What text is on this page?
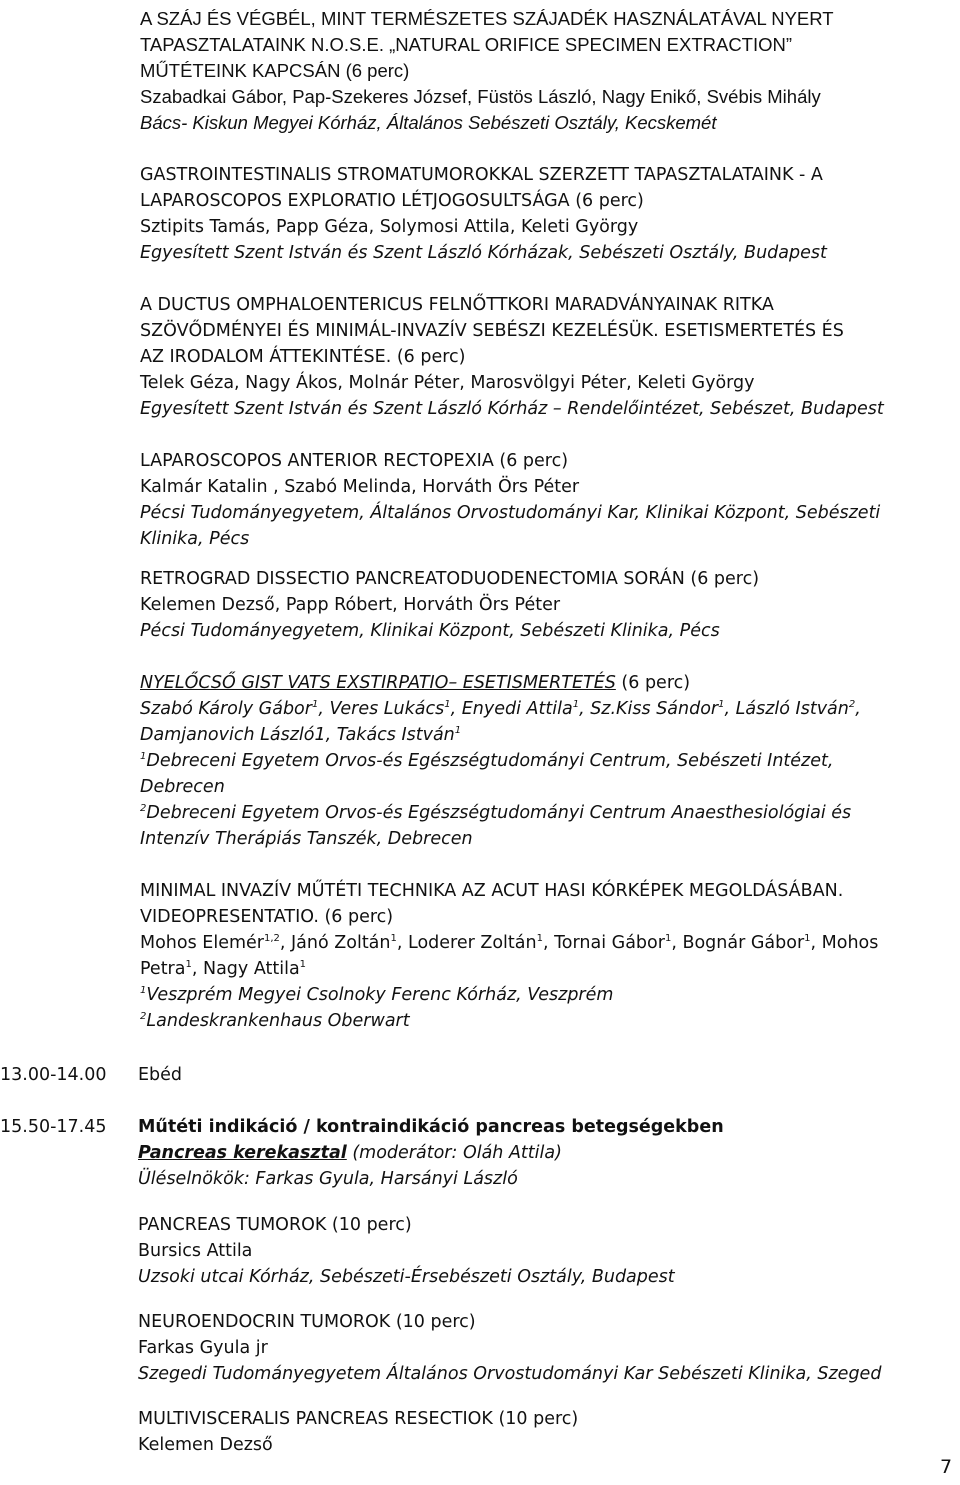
A SZÁJ ÉS VÉGBÉL, MINT TERMÉSZETES SZÁJADÉK HASZNÁLATÁVAL NYERT
TAPASZTALATAINK N.O.S.E. „NATURAL ORIFICE SPECIMEN EXTRACTION”
MŰTÉTEINK KAPCSÁN (6 perc)
Szabadkai Gábor, Pap-Szekeres József, Füstös László, Nagy Enikő, Svébis Mihály
Bács- Kiskun Megyei Kórház, Általános Sebészeti Osztály, Kecskemét
GASTROINTESTINALIS STROMATUMOROKKAL SZERZETT TAPASZTALATAINK - A
LAPAROSCOPOS EXPLORATIO LÉTJOGOSULTSÁGA (6 perc)
Sztipits Tamás, Papp Géza, Solymosi Attila, Keleti György
Egyesített Szent István és Szent László Kórházak, Sebészeti Osztály, Budapest
A DUCTUS OMPHALOENTERICUS FELNŐTTKORI MARADVÁNYAINAK RITKA
SZÖVŐDMÉNYEI ÉS MINIMÁL-INVAZÍV SEBÉSZI KEZELÉSÜK. ESETISMERTETÉS ÉS
AZ IRODALOM ÁTTEKINTÉSE. (6 perc)
Telek Géza, Nagy Ákos, Molnár Péter, Marosvölgyi Péter, Keleti György
Egyesített Szent István és Szent László Kórház – Rendelőintézet, Sebészet, Budapest
LAPAROSCOPOS ANTERIOR RECTOPEXIA (6 perc)
Kalmár Katalin , Szabó Melinda, Horváth Örs Péter
Pécsi Tudományegyetem, Általános Orvostudományi Kar, Klinikai Központ, Sebészeti
Klinika, Pécs
RETROGRAD DISSECTIO PANCREATODUODENECTOMIA SORÁN (6 perc)
Kelemen Dezső, Papp Róbert, Horváth Örs Péter
Pécsi Tudományegyetem, Klinikai Központ, Sebészeti Klinika, Pécs
NYELŐCSŐ GIST VATS EXSTIRPATIO– ESETISMERTETÉS (6 perc)
Szabó Károly Gábor$^1$, Veres Lukács$^1$, Enyedi Attila$^1$, Sz.Kiss Sándor$^1$, László István$^2$,
Damjanovich László1, Takács István$^1$
$^1$Debreceni Egyetem Orvos-és Egészségtudományi Centrum, Sebészeti Intézet,
Debrecen
$^2$Debreceni Egyetem Orvos-és Egészségtudományi Centrum Anaesthesiológiai és
Intenzív Therápiás Tanszék, Debrecen
MINIMAL INVAZÍV MŰTÉTI TECHNIKA AZ ACUT HASI KÓRKÉPEK MEGOLDÁSÁBAN.
VIDEOPRESENTATIO. (6 perc)
Mohos Elemér$^{1,2}$, Jánó Zoltán$^1$, Loderer Zoltán$^1$, Tornai Gábor$^1$, Bognár Gábor$^1$, Mohos
Petra$^1$, Nagy Attila$^1$
$^1$Veszprém Megyei Csolnoky Ferenc Kórház, Veszprém
$^2$Landeskrankenhaus Oberwart
13.00-14.00 Ebéd
15.50-17.45 Műtéti indikáció / kontraindikáció pancreas betegségekben
Pancreas kerekasztal (moderátor: Oláh Attila)
Üléselnökök: Farkas Gyula, Harsányi László
PANCREAS TUMOROK (10 perc)
Bursics Attila
Uzsoki utcai Kórház, Sebészeti-Érsebészeti Osztály, Budapest
NEUROENDOCRIN TUMOROK (10 perc)
Farkas Gyula jr
Szegedi Tudományegyetem Általános Orvostudományi Kar Sebészeti Klinika, Szeged
MULTIVISCERALIS PANCREAS RESECTIOK (10 perc)
Kelemen Dezső
7
